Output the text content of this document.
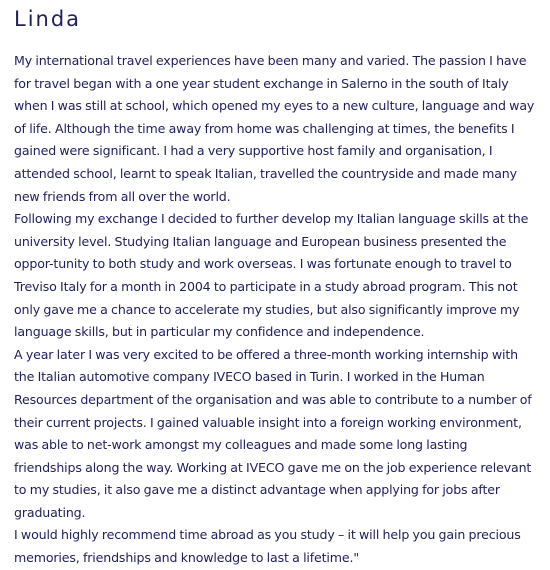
Linda

My international travel experiences have been many and varied. The passion I have for travel began with a one year student exchange in Salerno in the south of Italy when I was still at school, which opened my eyes to a new culture, language and way of life. Although the time away from home was challenging at times, the benefits I gained were significant. I had a very supportive host family and organisation, I attended school, learnt to speak Italian, travelled the countryside and made many new friends from all over the world.

Following my exchange I decided to further develop my Italian language skills at the university level. Studying Italian language and European business presented the oppor-tunity to both study and work overseas. I was fortunate enough to travel to Treviso Italy for a month in 2004 to participate in a study abroad program. This not only gave me a chance to accelerate my studies, but also significantly improve my language skills, but in particular my confidence and independence.

A year later I was very excited to be offered a three-month working internship with the Italian automotive company IVECO based in Turin. I worked in the Human Resources department of the organisation and was able to contribute to a number of their current projects. I gained valuable insight into a foreign working environment, was able to net-work amongst my colleagues and made some long lasting friendships along the way. Working at IVECO gave me on the job experience relevant to my studies, it also gave me a distinct advantage when applying for jobs after graduating.

I would highly recommend time abroad as you study – it will help you gain precious memories, friendships and knowledge to last a lifetime."
